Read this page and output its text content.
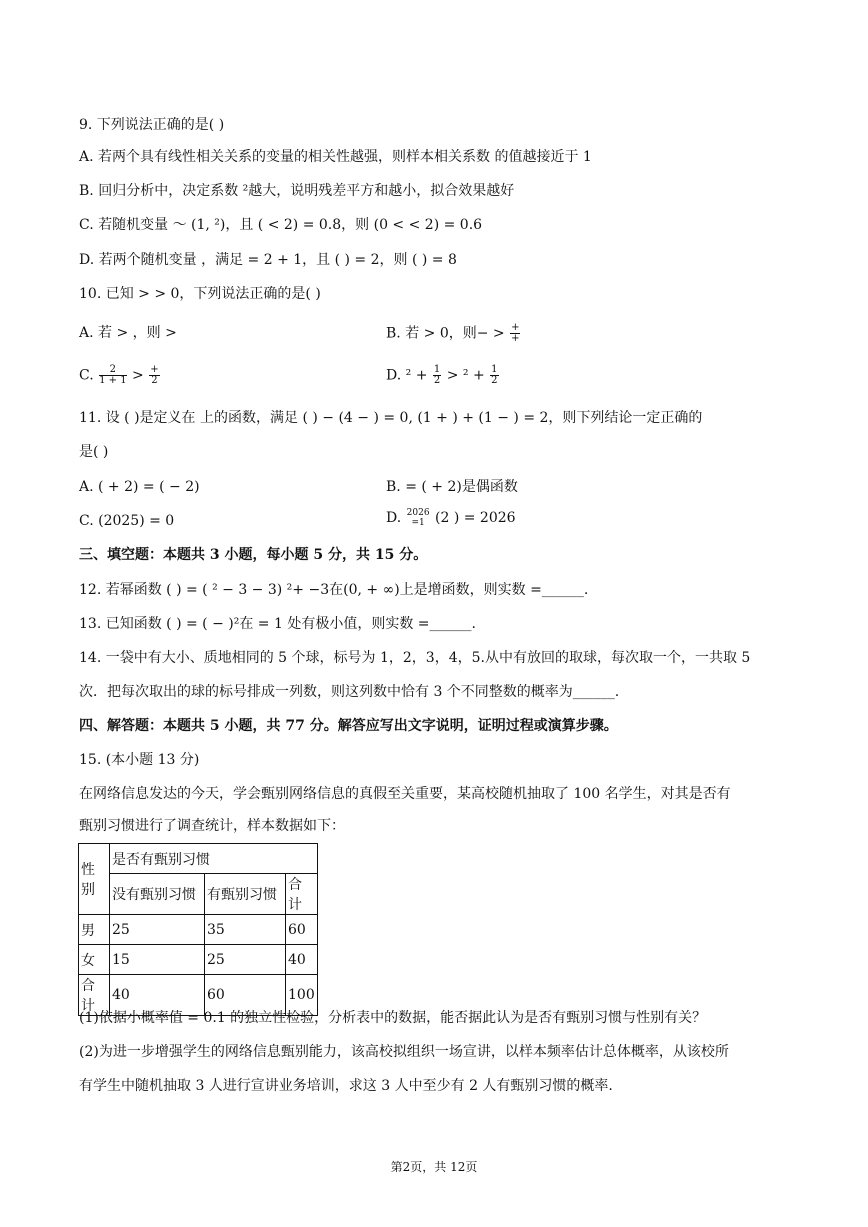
9. 下列说法正确的是( )
A. 若两个具有线性相关关系的变量的相关性越强，则样本相关系数 的值越接近于 1
B. 回归分析中，决定系数 ²越大，说明残差平方和越小，拟合效果越好
C. 若随机变量 ～ (1, ²)，且 ( < 2) = 0.8，则 (0 < < 2) = 0.6
D. 若两个随机变量 ，满足 = 2 + 1，且 ( ) = 2，则 ( ) = 8
10. 已知 > > 0，下列说法正确的是( )
A. 若 > ，则 >	B. 若 > 0，则− > $\frac{+}{+}$
C. $\frac{2}{1 + 1} > \frac{+}{2}$	D. $^2 + \frac{1}{2} > ^2 + \frac{1}{2}$
11. 设 ( )是定义在 上的函数，满足 ( ) − (4 − ) = 0, (1 + ) + (1 − ) = 2，则下列结论一定正确的
是( )
A. ( + 2) = ( − 2)	B. = ( + 2)是偶函数
C. (2025) = 0	D. 2026
=1 (2 ) = 2026
三、填空题：本题共 3 小题，每小题 5 分，共 15 分。
12. 若幂函数 ( ) = ( ² − 3 − 3) ²+ −3在(0, + ∞)上是增函数，则实数 =______.
13. 已知函数 ( ) = ( − )²在 = 1 处有极小值，则实数 =______.
14. 一袋中有大小、质地相同的 5 个球，标号为 1，2，3，4，5.从中有放回的取球，每次取一个，一共取 5
次．把每次取出的球的标号排成一列数，则这列数中恰有 3 个不同整数的概率为______.
四、解答题：本题共 5 小题，共 77 分。解答应写出文字说明，证明过程或演算步骤。
15. (本小题 13 分)
在网络信息发达的今天，学会甄别网络信息的真假至关重要，某高校随机抽取了 100 名学生，对其是否有
甄别习惯进行了调查统计，样本数据如下：
性别	是否有甄别习惯		
	没有甄别习惯	有甄别习惯	合计
男	25	35	60
女	15	25	40
合计	40	60	100
(1)依据小概率值 = 0.1 的独立性检验，分析表中的数据，能否据此认为是否有甄别习惯与性别有关？
(2)为进一步增强学生的网络信息甄别能力，该高校拟组织一场宣讲，以样本频率估计总体概率，从该校所
有学生中随机抽取 3 人进行宣讲业务培训，求这 3 人中至少有 2 人有甄别习惯的概率.
第2页，共 12页
